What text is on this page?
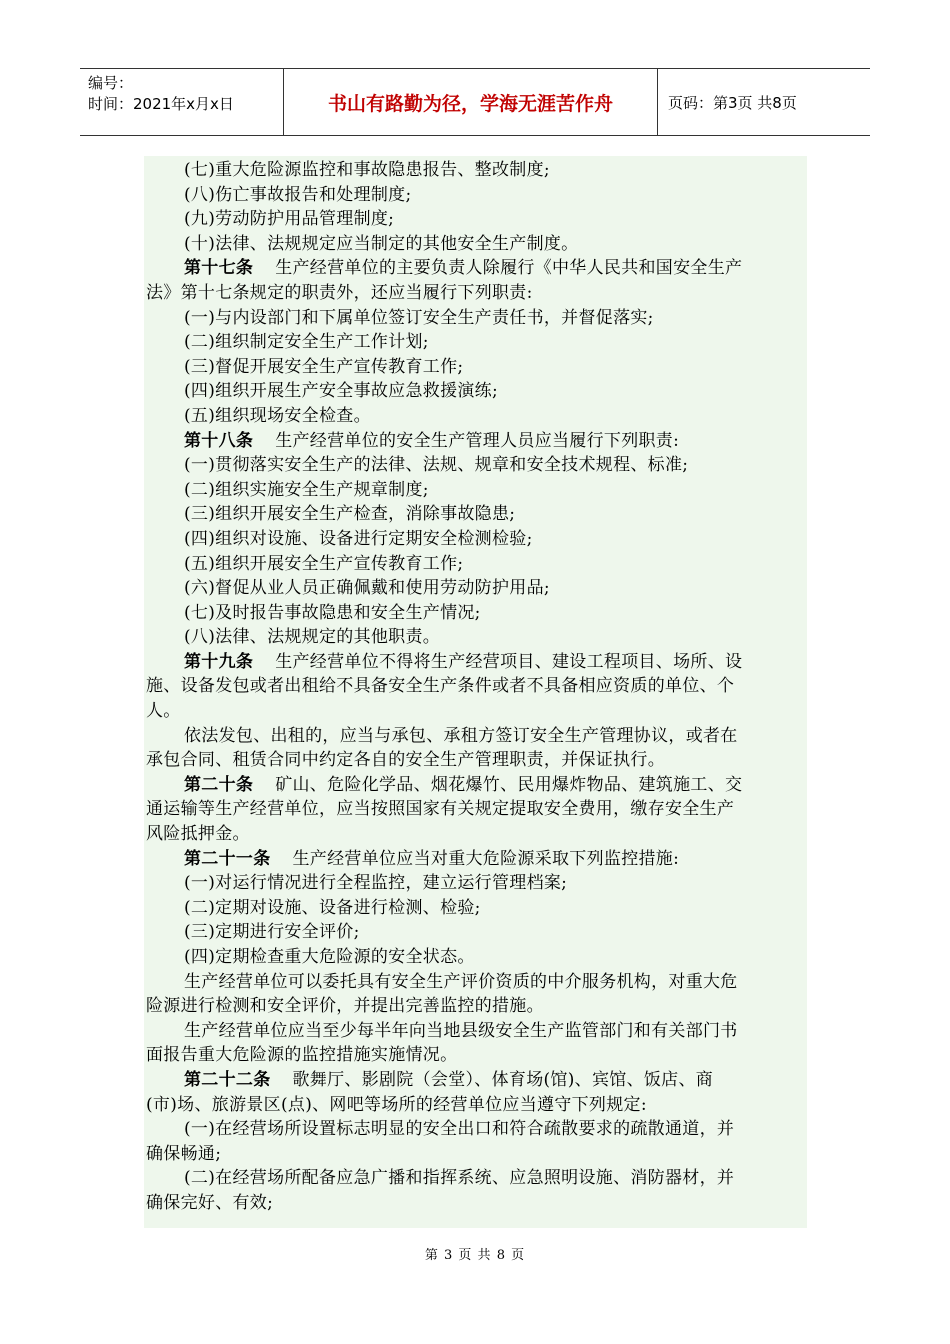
编号：
时间：2021年x月x日	书山有路勤为径，学海无涯苦作舟	页码：第3页 共8页
(七)重大危险源监控和事故隐患报告、整改制度;
(八)伤亡事故报告和处理制度;
(九)劳动防护用品管理制度;
(十)法律、法规规定应当制定的其他安全生产制度。
第十七条 生产经营单位的主要负责人除履行《中华人民共和国安全生产
法》第十七条规定的职责外，还应当履行下列职责:
(一)与内设部门和下属单位签订安全生产责任书，并督促落实;
(二)组织制定安全生产工作计划;
(三)督促开展安全生产宣传教育工作;
(四)组织开展生产安全事故应急救援演练;
(五)组织现场安全检查。
第十八条 生产经营单位的安全生产管理人员应当履行下列职责:
(一)贯彻落实安全生产的法律、法规、规章和安全技术规程、标准;
(二)组织实施安全生产规章制度;
(三)组织开展安全生产检查，消除事故隐患;
(四)组织对设施、设备进行定期安全检测检验;
(五)组织开展安全生产宣传教育工作;
(六)督促从业人员正确佩戴和使用劳动防护用品;
(七)及时报告事故隐患和安全生产情况;
(八)法律、法规规定的其他职责。
第十九条 生产经营单位不得将生产经营项目、建设工程项目、场所、设
施、设备发包或者出租给不具备安全生产条件或者不具备相应资质的单位、个
人。
依法发包、出租的，应当与承包、承租方签订安全生产管理协议，或者在
承包合同、租赁合同中约定各自的安全生产管理职责，并保证执行。
第二十条 矿山、危险化学品、烟花爆竹、民用爆炸物品、建筑施工、交
通运输等生产经营单位，应当按照国家有关规定提取安全费用，缴存安全生产
风险抵押金。
第二十一条 生产经营单位应当对重大危险源采取下列监控措施:
(一)对运行情况进行全程监控，建立运行管理档案;
(二)定期对设施、设备进行检测、检验;
(三)定期进行安全评价;
(四)定期检查重大危险源的安全状态。
生产经营单位可以委托具有安全生产评价资质的中介服务机构，对重大危
险源进行检测和安全评价，并提出完善监控的措施。
生产经营单位应当至少每半年向当地县级安全生产监管部门和有关部门书
面报告重大危险源的监控措施实施情况。
第二十二条 歌舞厅、影剧院（会堂）、体育场(馆)、宾馆、饭店、商
(市)场、旅游景区(点)、网吧等场所的经营单位应当遵守下列规定:
(一)在经营场所设置标志明显的安全出口和符合疏散要求的疏散通道，并
确保畅通;
(二)在经营场所配备应急广播和指挥系统、应急照明设施、消防器材，并
确保完好、有效;
第 3 页 共 8 页
